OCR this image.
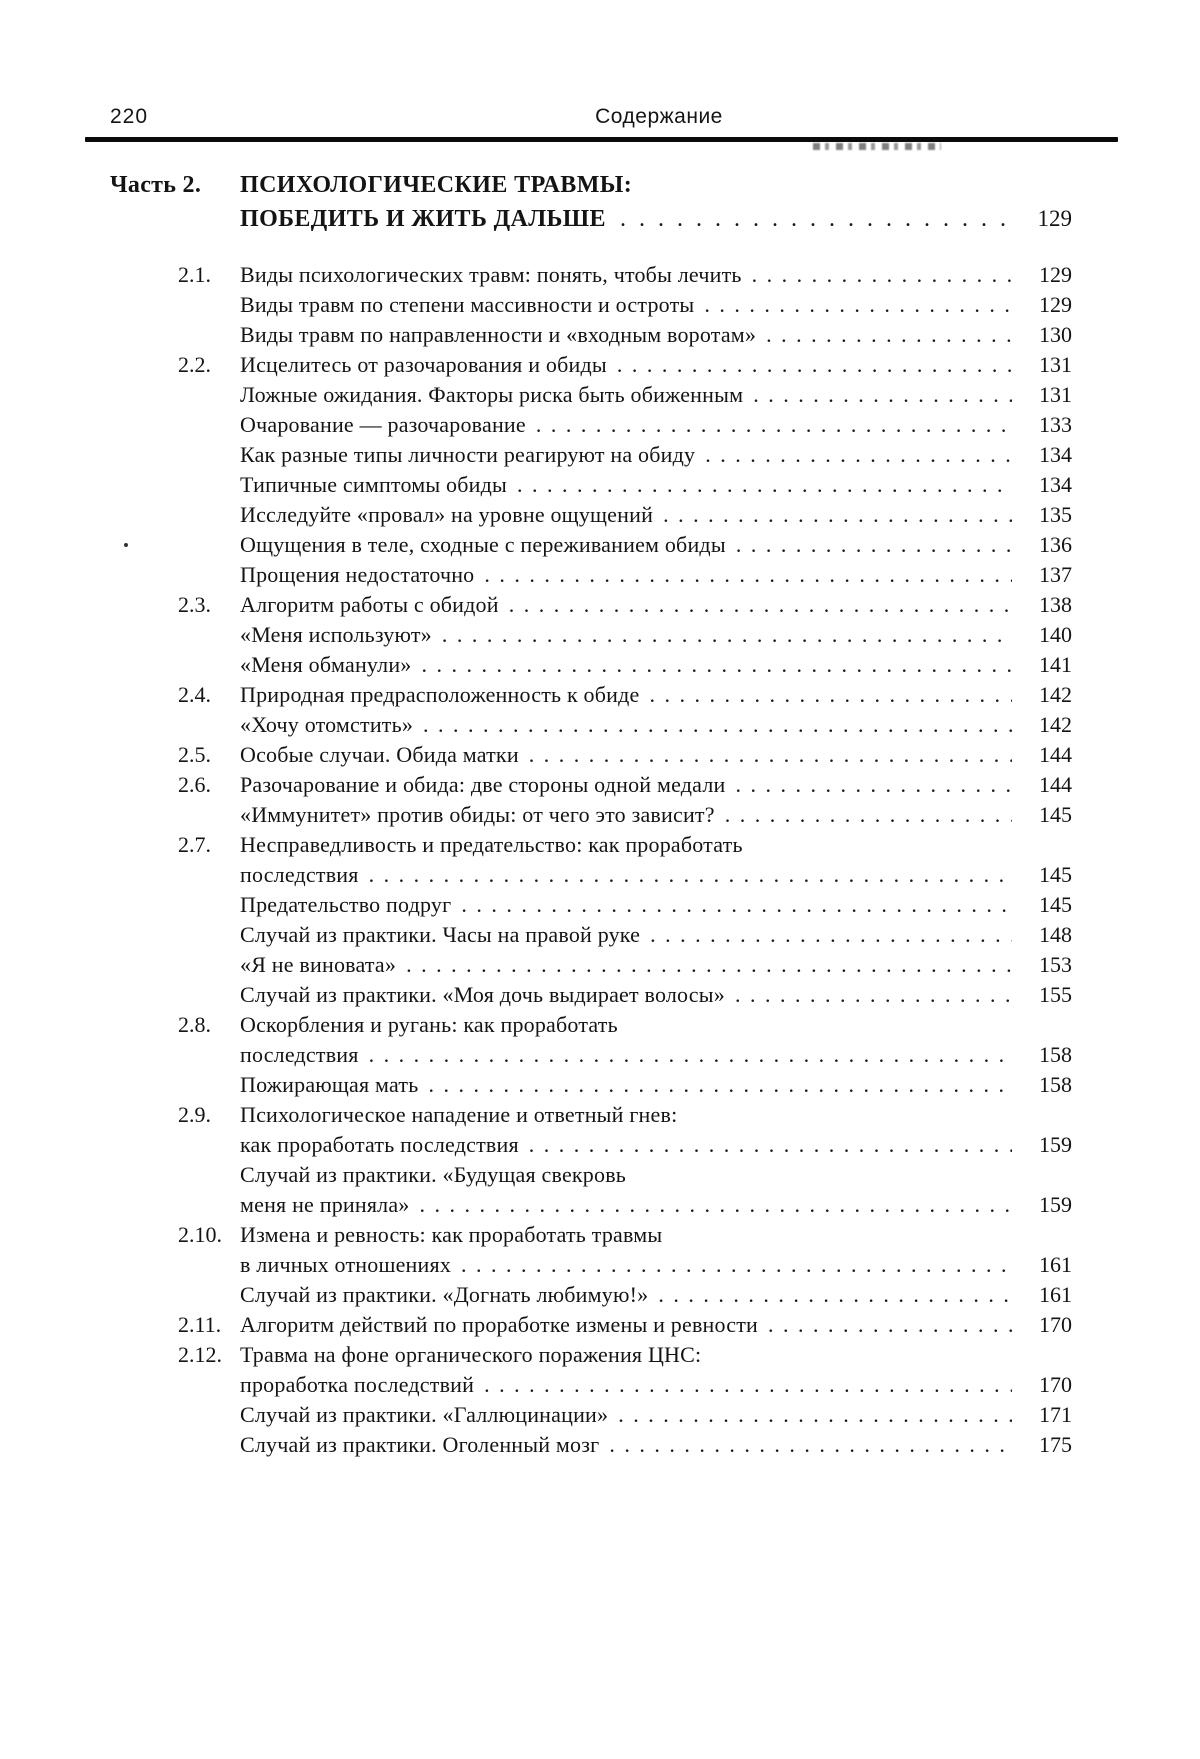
220	Содержание
Часть 2.	ПСИХОЛОГИЧЕСКИЕ ТРАВМЫ:
ПОБЕДИТЬ И ЖИТЬ ДАЛЬШЕ .....	129
2.1.	Виды психологических травм: понять, чтобы лечить .....	129
Виды травм по степени массивности и остроты .....	129
Виды травм по направленности и «входным воротам» .....	130
2.2.	Исцелитесь от разочарования и обиды .....	131
Ложные ожидания. Факторы риска быть обиженным .....	131
Очарование — разочарование .....	133
Как разные типы личности реагируют на обиду .....	134
Типичные симптомы обиды .....	134
Исследуйте «провал» на уровне ощущений .....	135
Ощущения в теле, сходные с переживанием обиды .....	136
Прощения недостаточно .....	137
2.3.	Алгоритм работы с обидой .....	138
«Меня используют» .....	140
«Меня обманули» .....	141
2.4.	Природная предрасположенность к обиде .....	142
«Хочу отомстить» .....	142
2.5.	Особые случаи. Обида матки .....	144
2.6.	Разочарование и обида: две стороны одной медали .....	144
«Иммунитет» против обиды: от чего это зависит? .....	145
2.7.	Несправедливость и предательство: как проработать
последствия .....	145
Предательство подруг .....	145
Случай из практики. Часы на правой руке .....	148
«Я не виновата» .....	153
Случай из практики. «Моя дочь выдирает волосы» .....	155
2.8.	Оскорбления и ругань: как проработать
последствия .....	158
Пожирающая мать .....	158
2.9.	Психологическое нападение и ответный гнев:
как проработать последствия .....	159
Случай из практики. «Будущая свекровь
меня не приняла» .....	159
2.10. Измена и ревность: как проработать травмы
в личных отношениях .....	161
Случай из практики. «Догнать любимую!» .....	161
2.11. Алгоритм действий по проработке измены и ревности .....	170
2.12. Травма на фоне органического поражения ЦНС:
проработка последствий .....	170
Случай из практики. «Галлюцинации» .....	171
Случай из практики. Оголенный мозг .....	175
